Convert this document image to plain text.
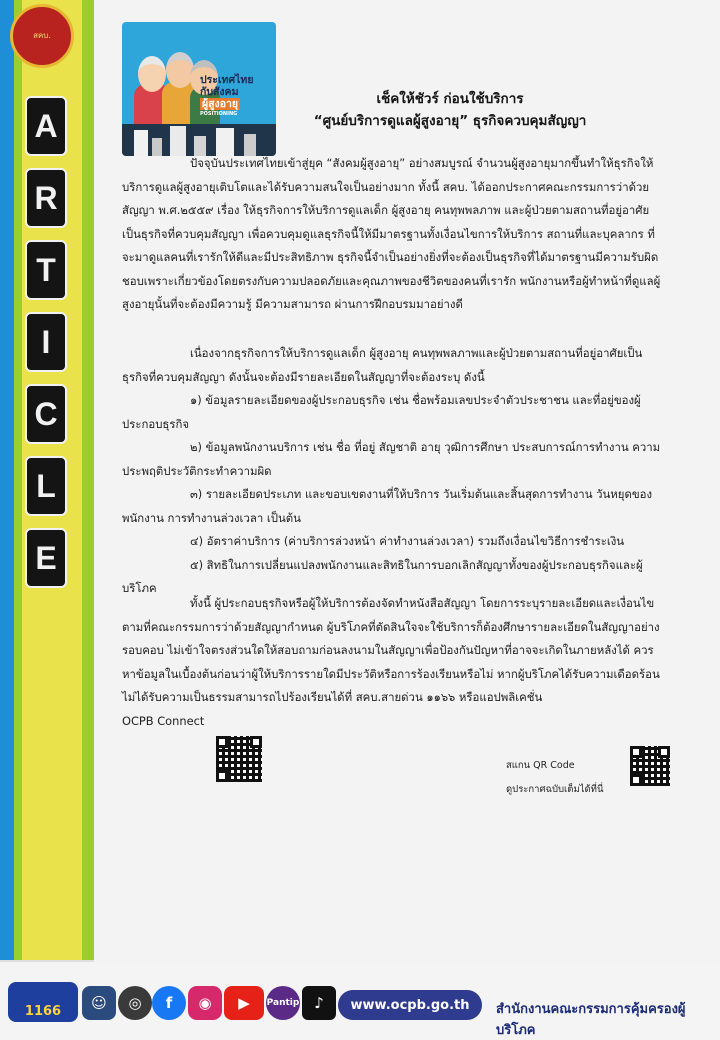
สคบ.
A
R
T
I
C
L
E
ประเทศไทย
กับสังคม
ผู้สูงอายุ
POSITIONING
เช็คให้ชัวร์ ก่อนใช้บริการ
“ศูนย์บริการดูแลผู้สูงอายุ” ธุรกิจควบคุมสัญญา

ปัจจุบันประเทศไทยเข้าสู่ยุค “สังคมผู้สูงอายุ” อย่างสมบูรณ์ จำนวนผู้สูงอายุมากขึ้นทำให้ธุรกิจให้บริการดูแลผู้สูงอายุเติบโตและได้รับความสนใจเป็นอย่างมาก ทั้งนี้ สคบ. ได้ออกประกาศคณะกรรมการว่าด้วยสัญญา พ.ศ.๒๕๕๙ เรื่อง ให้ธุรกิจการให้บริการดูแลเด็ก ผู้สูงอายุ คนทุพพลภาพ และผู้ป่วยตามสถานที่อยู่อาศัยเป็นธุรกิจที่ควบคุมสัญญา เพื่อควบคุมดูแลธุรกิจนี้ให้มีมาตรฐานทั้งเงื่อนไขการให้บริการ สถานที่และบุคลากร ที่จะมาดูแลคนที่เรารักให้ดีและมีประสิทธิภาพ ธุรกิจนี้จำเป็นอย่างยิ่งที่จะต้องเป็นธุรกิจที่ได้มาตรฐานมีความรับผิดชอบเพราะเกี่ยวข้องโดยตรงกับความปลอดภัยและคุณภาพของชีวิตของคนที่เรารัก พนักงานหรือผู้ทำหน้าที่ดูแลผู้สูงอายุนั้นที่จะต้องมีความรู้ มีความสามารถ ผ่านการฝึกอบรมมาอย่างดี

เนื่องจากธุรกิจการให้บริการดูแลเด็ก ผู้สูงอายุ คนทุพพลภาพและผู้ป่วยตามสถานที่อยู่อาศัยเป็นธุรกิจที่ควบคุมสัญญา ดังนั้นจะต้องมีรายละเอียดในสัญญาที่จะต้องระบุ ดังนี้

๑) ข้อมูลรายละเอียดของผู้ประกอบธุรกิจ เช่น ชื่อพร้อมเลขประจำตัวประชาชน และที่อยู่ของผู้ประกอบธุรกิจ

๒) ข้อมูลพนักงานบริการ เช่น ชื่อ ที่อยู่ สัญชาติ อายุ วุฒิการศึกษา ประสบการณ์การทำงาน ความประพฤติประวัติกระทำความผิด

๓) รายละเอียดประเภท และขอบเขตงานที่ให้บริการ วันเริ่มต้นและสิ้นสุดการทำงาน วันหยุดของพนักงาน การทำงานล่วงเวลา เป็นต้น

๔) อัตราค่าบริการ (ค่าบริการล่วงหน้า ค่าทำงานล่วงเวลา) รวมถึงเงื่อนไขวิธีการชำระเงิน

๕) สิทธิในการเปลี่ยนแปลงพนักงานและสิทธิในการบอกเลิกสัญญาทั้งของผู้ประกอบธุรกิจและผู้บริโภค

ทั้งนี้ ผู้ประกอบธุรกิจหรือผู้ให้บริการต้องจัดทำหนังสือสัญญา โดยการระบุรายละเอียดและเงื่อนไขตามที่คณะกรรมการว่าด้วยสัญญากำหนด ผู้บริโภคที่ตัดสินใจจะใช้บริการก็ต้องศึกษารายละเอียดในสัญญาอย่างรอบคอบ ไม่เข้าใจตรงส่วนใดให้สอบถามก่อนลงนามในสัญญาเพื่อป้องกันปัญหาที่อาจจะเกิดในภายหลังได้ ควรหาข้อมูลในเบื้องต้นก่อนว่าผู้ให้บริการรายใดมีประวัติหรือการร้องเรียนหรือไม่ หากผู้บริโภคได้รับความเดือดร้อนไม่ได้รับความเป็นธรรมสามารถไปร้องเรียนได้ที่ สคบ.สายด่วน ๑๑๖๖ หรือแอปพลิเคชั่น

OCPB Connect

สแกน QR Code
ดูประกาศฉบับเต็มได้ที่นี่
1166	☺	◎	f	◉	▶	Pantip ♪	www.ocpb.go.th สำนักงานคณะกรรมการคุ้มครองผู้บริโภค
